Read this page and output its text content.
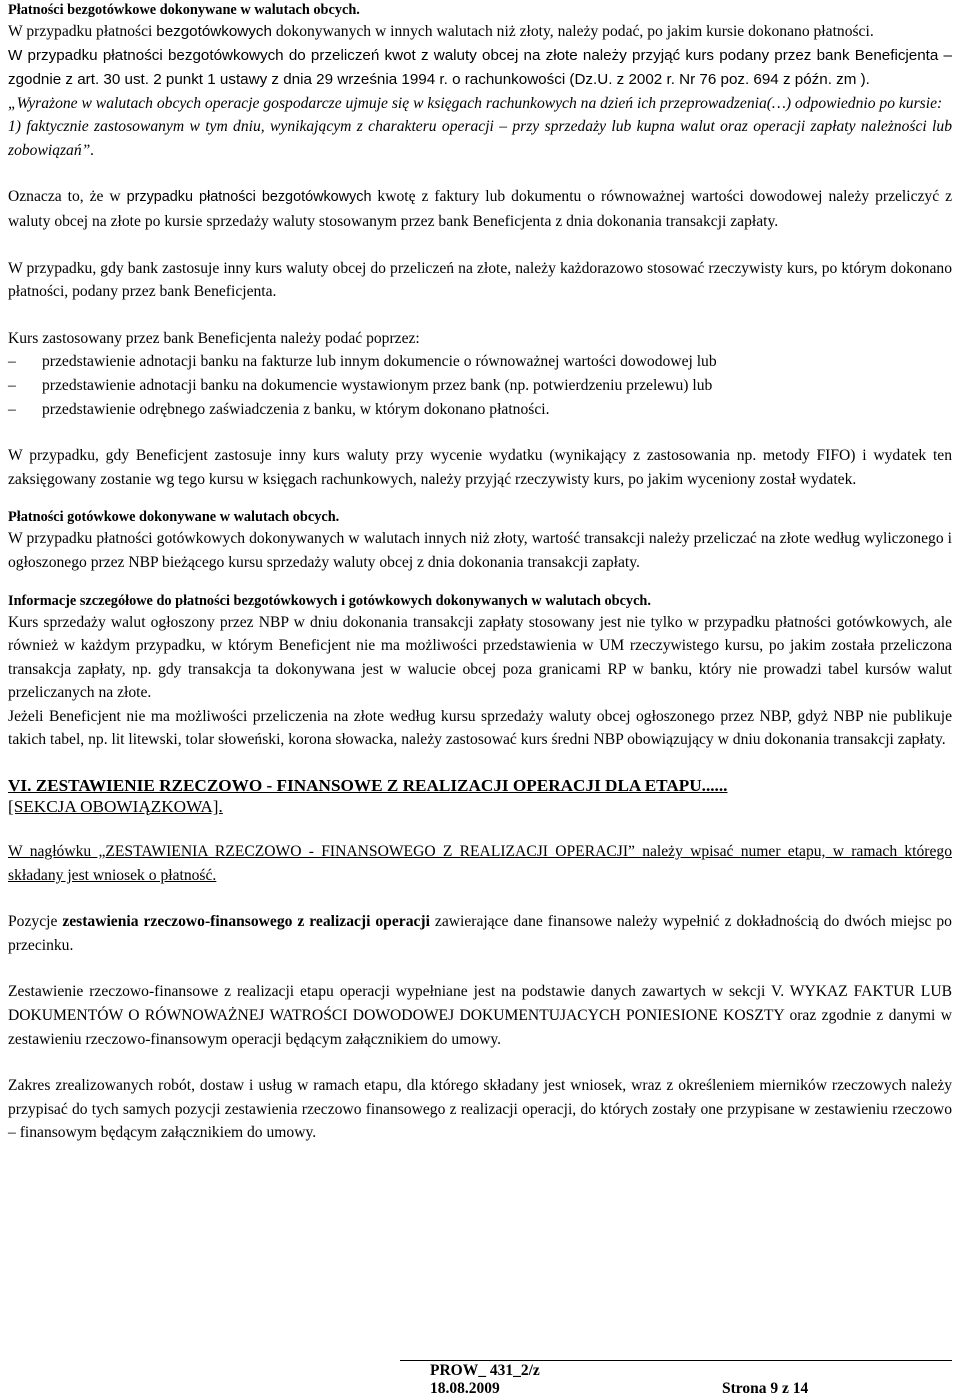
Płatności bezgotówkowe dokonywane w walutach obcych.

W przypadku płatności bezgotówkowych dokonywanych w innych walutach niż złoty, należy podać, po jakim kursie dokonano płatności.

W przypadku płatności bezgotówkowych do przeliczeń kwot z waluty obcej na złote należy przyjąć kurs podany przez bank Beneficjenta – zgodnie z art. 30 ust. 2 punkt 1 ustawy z dnia 29 września 1994 r. o rachunkowości (Dz.U. z 2002 r. Nr 76 poz. 694 z późn. zm ).

„Wyrażone w walutach obcych operacje gospodarcze ujmuje się w księgach rachunkowych na dzień ich przeprowadzenia(…) odpowiednio po kursie:

1) faktycznie zastosowanym w tym dniu, wynikającym z charakteru operacji – przy sprzedaży lub kupna walut oraz operacji zapłaty należności lub zobowiązań”.

Oznacza to, że w przypadku płatności bezgotówkowych kwotę z faktury lub dokumentu o równoważnej wartości dowodowej należy przeliczyć z waluty obcej na złote po kursie sprzedaży waluty stosowanym przez bank Beneficjenta z dnia dokonania transakcji zapłaty.

W przypadku, gdy bank zastosuje inny kurs waluty obcej do przeliczeń na złote, należy każdorazowo stosować rzeczywisty kurs, po którym dokonano płatności, podany przez bank Beneficjenta.

Kurs zastosowany przez bank Beneficjenta należy podać poprzez:

– przedstawienie adnotacji banku na fakturze lub innym dokumencie o równoważnej wartości dowodowej lub
– przedstawienie adnotacji banku na dokumencie wystawionym przez bank (np. potwierdzeniu przelewu) lub
– przedstawienie odrębnego zaświadczenia z banku, w którym dokonano płatności.

W przypadku, gdy Beneficjent zastosuje inny kurs waluty przy wycenie wydatku (wynikający z zastosowania np. metody FIFO) i wydatek ten zaksięgowany zostanie wg tego kursu w księgach rachunkowych, należy przyjąć rzeczywisty kurs, po jakim wyceniony został wydatek.

Płatności gotówkowe dokonywane w walutach obcych.

W przypadku płatności gotówkowych dokonywanych w walutach innych niż złoty, wartość transakcji należy przeliczać na złote według wyliczonego i ogłoszonego przez NBP bieżącego kursu sprzedaży waluty obcej z dnia dokonania transakcji zapłaty.

Informacje szczegółowe do płatności bezgotówkowych i gotówkowych dokonywanych w walutach obcych.

Kurs sprzedaży walut ogłoszony przez NBP w dniu dokonania transakcji zapłaty stosowany jest nie tylko w przypadku płatności gotówkowych, ale również w każdym przypadku, w którym Beneficjent nie ma możliwości przedstawienia w UM rzeczywistego kursu, po jakim została przeliczona transakcja zapłaty, np. gdy transakcja ta dokonywana jest w walucie obcej poza granicami RP w banku, który nie prowadzi tabel kursów walut przeliczanych na złote.

Jeżeli Beneficjent nie ma możliwości przeliczenia na złote według kursu sprzedaży waluty obcej ogłoszonego przez NBP, gdyż NBP nie publikuje takich tabel, np. lit litewski, tolar słoweński, korona słowacka, należy zastosować kurs średni NBP obowiązujący w dniu dokonania transakcji zapłaty.

VI. ZESTAWIENIE RZECZOWO - FINANSOWE Z REALIZACJI OPERACJI DLA ETAPU......

[SEKCJA OBOWIĄZKOWA].

W nagłówku „ZESTAWIENIA RZECZOWO - FINANSOWEGO Z REALIZACJI OPERACJI” należy wpisać numer etapu, w ramach którego składany jest wniosek o płatność.

Pozycje zestawienia rzeczowo-finansowego z realizacji operacji zawierające dane finansowe należy wypełnić z dokładnością do dwóch miejsc po przecinku.

Zestawienie rzeczowo-finansowe z realizacji etapu operacji wypełniane jest na podstawie danych zawartych w sekcji V. WYKAZ FAKTUR LUB DOKUMENTÓW O RÓWNOWAŻNEJ WATROŚCI DOWODOWEJ DOKUMENTUJACYCH PONIESIONE KOSZTY oraz zgodnie z danymi w zestawieniu rzeczowo-finansowym operacji będącym załącznikiem do umowy.

Zakres zrealizowanych robót, dostaw i usług w ramach etapu, dla którego składany jest wniosek, wraz z określeniem mierników rzeczowych należy przypisać do tych samych pozycji zestawienia rzeczowo finansowego z realizacji operacji, do których zostały one przypisane w zestawieniu rzeczowo – finansowym będącym załącznikiem do umowy.

PROW_ 431_2/z
18.08.2009	Strona 9 z 14
